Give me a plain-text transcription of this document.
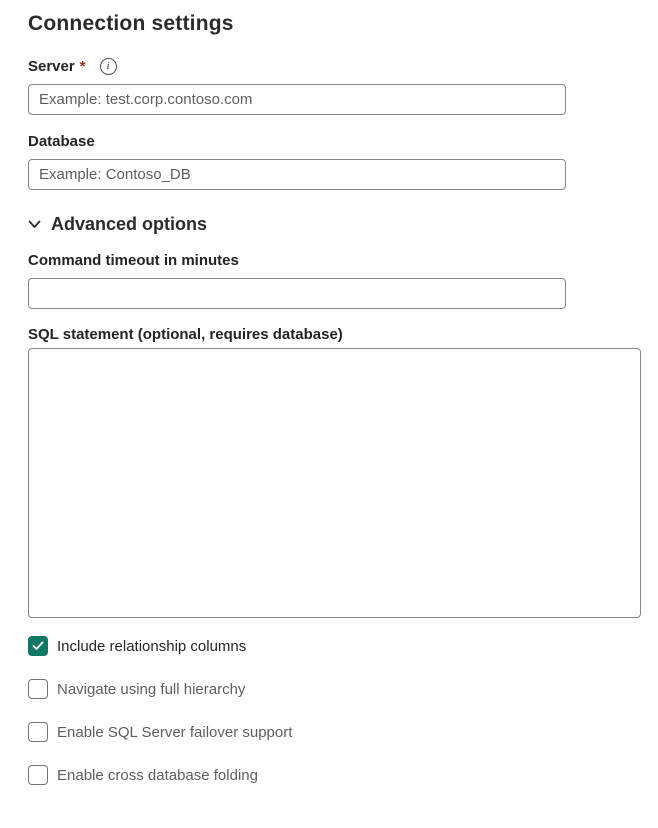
Connection settings
Server *	i
Example: test.corp.contoso.com
Database
Example: Contoso_DB
Advanced options
Command timeout in minutes
SQL statement (optional, requires database)
Include relationship columns
Navigate using full hierarchy
Enable SQL Server failover support
Enable cross database folding
